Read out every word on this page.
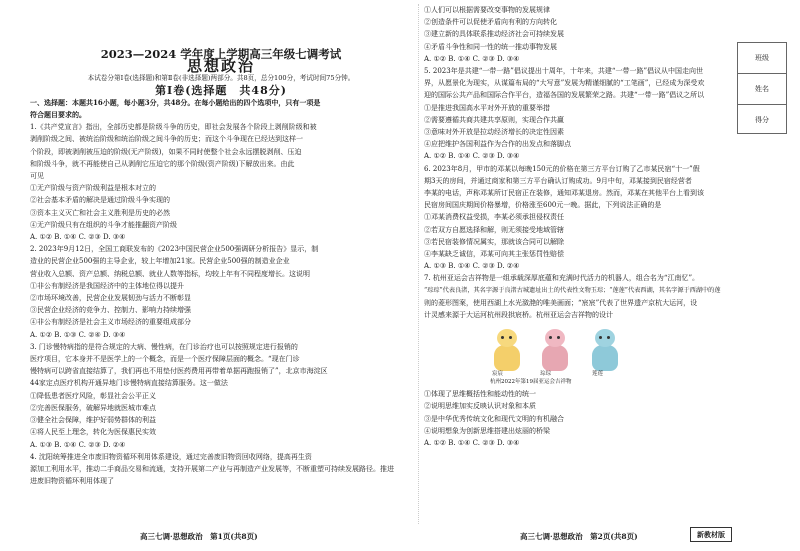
2023—2024 学年度上学期高三年级七调考试

思想政治

本试卷分第Ⅰ卷(选择题)和第Ⅱ卷(非选择题)两部分。共8页，总分100分，考试时间75分钟。

第Ⅰ卷(选择题　共48分)

一、选择题：本题共16小题，每小题3分，共48分。在每小题给出的四个选项中，只有一项是

符合题目要求的。

1.《共产党宣言》指出，全部历史都是阶级斗争的历史，即社会发展各个阶段上剥削阶级和被

剥削阶级之间、被统治阶级和统治阶级之间斗争的历史；而这个斗争现在已经达到这样一

个阶段，即被剥削被压迫的阶级(无产阶级)，如果不同时使整个社会永远摆脱剥削、压迫

和阶级斗争，就不再能使自己从剥削它压迫它的那个阶级(资产阶级)下解放出来。由此

可见

①无产阶级与资产阶级利益是根本对立的

②社会基本矛盾的解决是通过阶级斗争实现的

③资本主义灭亡和社会主义胜利是历史的必然

④无产阶级只有在组织的斗争才能推翻资产阶级

A. ①② B. ①④ C. ②③ D. ③④

2. 2023年9月12日，全国工商联发布的《2023中国民营企业500强调研分析报告》显示，制

造业的民营企业500强的主导企业，较上年增加21家。民营企业500强的制造业企业

营业收入总额、资产总额、纳税总额、就业人数等指标，均较上年有不同程度增长。这说明

①非公有制经济是我国经济中的主体地位得以提升

②市场环境改善，民营企业发展韧劲与活力不断彰显

③民营企业经济的竞争力、控制力、影响力持续增强

④非公有制经济是社会主义市场经济的重要组成部分

A. ①② B. ①③ C. ②④ D. ③④

3. 门诊慢特病指的是符合规定的大病、慢性病，在门诊治疗也可以按照规定进行报销的

医疗项目，它本身并不是医学上的一个概念，而是一个医疗保障层面的概念。“现在门诊

慢特病可以跨省直接结算了，我们再也不用垫付医药费用再带着单据再跑报销了”，北京市海淀区

44家定点医疗机构开通异地门诊慢特病直接结算服务。这一做法

①降低患者医疗风险，彰显社会公平正义

②完善医保服务，破解异地就医城市难点

③健全社会保障，维护好弱势群体的利益

④将人民至上理念，转化为医保惠民实效

A. ①③ B. ①④ C. ②③ D. ②④

4. 沈阳统筹推进全市废旧物资循环利用体系建设，通过完善废旧物资回收网络，提高再生资

源加工利用水平，推动二手商品交易和流通，支持开展第二产业与再制造产业发展等，不断重塑可持续发展路径。推进

进废旧物资循环利用体现了

①人们可以根据需要改变事物的发展规律

②创造条件可以促使矛盾向有利的方向转化

③建立新的具体联系推动经济社会可持续发展

④矛盾斗争性和同一性的统一推动事物发展

A. ①② B. ①④ C. ②③ D. ③④

5. 2023年是共建“一带一路”倡议提出十周年，十年来，共建“一带一路”倡议从中国走向世

界，从愿景化为现实，从谋篇布局的“大写意”发展为精谨细腻的“工笔画”，已经成为深受欢

迎的国际公共产品和国际合作平台，造福各国的发展繁荣之路。共建“一带一路”倡议之所以

①是推进我国高水平对外开放的重要举措

②需要遵循共商共建共享原则，实现合作共赢

③意味对外开放是拉动经济增长的决定性因素

④应把维护各国利益作为合作的出发点和落脚点

A. ①② B. ①④ C. ②③ D. ③④

6. 2023年8月，甲市的邓某以每晚150元的价格在第三方平台订购了乙市某民宿“十一”假

期3天的房间，并通过商家和第三方平台确认订购成功。9月中旬，邓某接到民宿经营者

李某的电话，声称邓某所订民宿正在装修，通知邓某退房。然而，邓某在其他平台上看到该

民宿房间国庆期间价格暴增，价格涨至600元一晚。据此，下列说法正确的是

①邓某消费权益受损，李某必须承担侵权责任

②若双方自愿选择和解，则无须接受地域管辖

③若民宿装修情况属实，那就该合同可以解除

④李某缺乏诚信，邓某可向其主张惩罚性赔偿

A. ①③ B. ①④ C. ②③ D. ②④

7. 杭州亚运会吉祥物是一组承载深厚底蕴和充满时代活力的机器人，组合名为“江南忆”。

“琮琮”代表良渚，其名字源于良渚古城遗址出土的代表性文物玉琮；“莲莲”代表西湖，其名字源于西湖中的莲

则的菱形图案，使用西湖上水光潋滟的唯美画面；“宸宸”代表了世界遗产京杭大运河，设

计灵感来源于大运河杭州段拱宸桥。杭州亚运会吉祥物的设计

宸宸	琮琮	莲莲
杭州2022年第19届亚运会吉祥物

①体现了思维概括性和能动性的统一

②说明思维加实反映认识对象和本质

③是中华优秀传统文化和现代文明的有机融合

④说明想象为创新思维搭建出炫丽的桥梁

A. ①② B. ①④ C. ②③ D. ③④

高三七调·思想政治　第1页(共8页)	高三七调·思想政治　第2页(共8页)	新教材版
班级
姓名
得分
